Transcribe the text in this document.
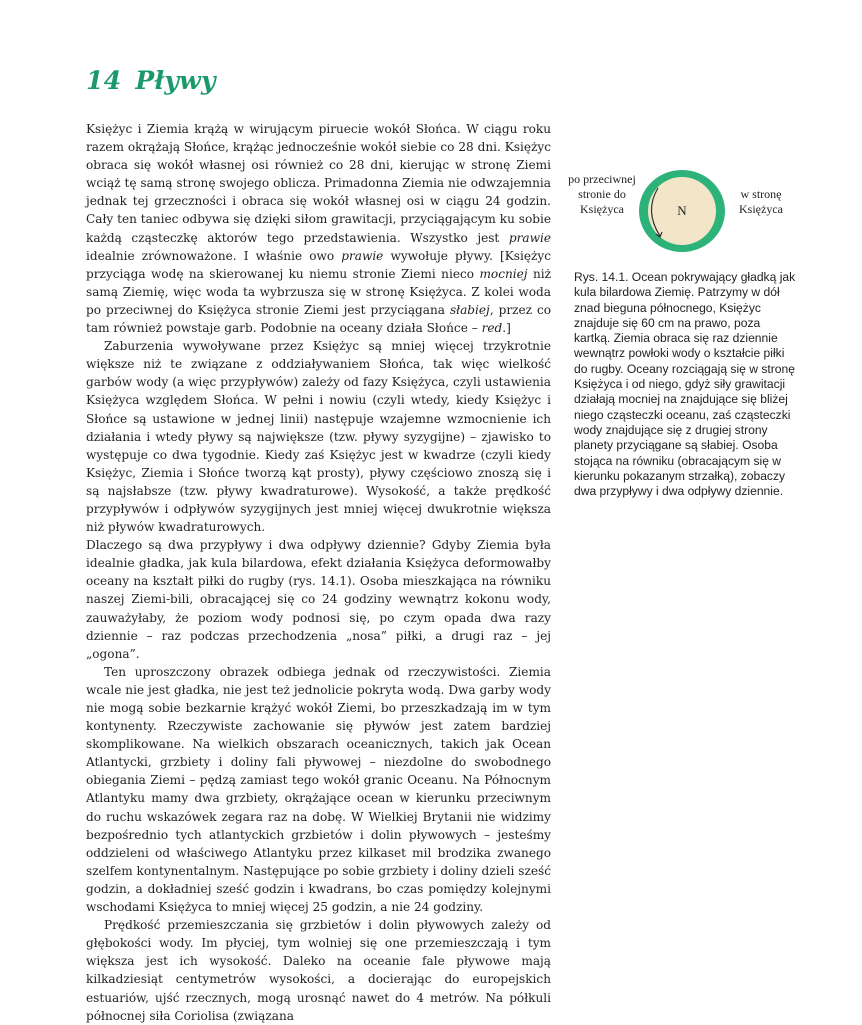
14 Pływy

Księżyc i Ziemia krążą w wirującym piruecie wokół Słońca. W ciągu roku razem okrążają Słońce, krążąc jednocześnie wokół siebie co 28 dni. Księżyc obraca się wokół własnej osi również co 28 dni, kierując w stronę Ziemi wciąż tę samą stronę swojego oblicza. Primadonna Ziemia nie odwzajemnia jednak tej grzeczności i obraca się wokół własnej osi w ciągu 24 godzin. Cały ten taniec odbywa się dzięki siłom grawitacji, przyciągającym ku sobie każdą cząsteczkę aktorów tego przedstawienia. Wszystko jest prawie idealnie zrównoważone. I właśnie owo prawie wywołuje pływy. [Księżyc przyciąga wodę na skierowanej ku niemu stronie Ziemi nieco mocniej niż samą Ziemię, więc woda ta wybrzusza się w stronę Księżyca. Z kolei woda po przeciwnej do Księżyca stronie Ziemi jest przyciągana słabiej, przez co tam również powstaje garb. Podobnie na oceany działa Słońce – red.]

Zaburzenia wywoływane przez Księżyc są mniej więcej trzykrotnie większe niż te związane z oddziaływaniem Słońca, tak więc wielkość garbów wody (a więc przypływów) zależy od fazy Księżyca, czyli ustawienia Księżyca względem Słońca. W pełni i nowiu (czyli wtedy, kiedy Księżyc i Słońce są ustawione w jednej linii) następuje wzajemne wzmocnienie ich działania i wtedy pływy są największe (tzw. pływy syzygijne) – zjawisko to występuje co dwa tygodnie. Kiedy zaś Księżyc jest w kwadrze (czyli kiedy Księżyc, Ziemia i Słońce tworzą kąt prosty), pływy częściowo znoszą się i są najsłabsze (tzw. pływy kwadraturowe). Wysokość, a także prędkość przypływów i odpływów syzygijnych jest mniej więcej dwukrotnie większa niż pływów kwadraturowych.

Dlaczego są dwa przypływy i dwa odpływy dziennie? Gdyby Ziemia była idealnie gładka, jak kula bilardowa, efekt działania Księżyca deformowałby oceany na kształt piłki do rugby (rys. 14.1). Osoba mieszkająca na równiku naszej Ziemi-bili, obracającej się co 24 godziny wewnątrz kokonu wody, zauważyłaby, że poziom wody podnosi się, po czym opada dwa razy dziennie – raz podczas przechodzenia „nosa” piłki, a drugi raz – jej „ogona”.

Ten uproszczony obrazek odbiega jednak od rzeczywistości. Ziemia wcale nie jest gładka, nie jest też jednolicie pokryta wodą. Dwa garby wody nie mogą sobie bezkarnie krążyć wokół Ziemi, bo przeszkadzają im w tym kontynenty. Rzeczywiste zachowanie się pływów jest zatem bardziej skomplikowane. Na wielkich obszarach oceanicznych, takich jak Ocean Atlantycki, grzbiety i doliny fali pływowej – niezdolne do swobodnego obiegania Ziemi – pędzą zamiast tego wokół granic Oceanu. Na Północnym Atlantyku mamy dwa grzbiety, okrążające ocean w kierunku przeciwnym do ruchu wskazówek zegara raz na dobę. W Wielkiej Brytanii nie widzimy bezpośrednio tych atlantyckich grzbietów i dolin pływowych – jesteśmy oddzieleni od właściwego Atlantyku przez kilkaset mil brodzika zwanego szelfem kontynentalnym. Następujące po sobie grzbiety i doliny dzieli sześć godzin, a dokładniej sześć godzin i kwadrans, bo czas pomiędzy kolejnymi wschodami Księżyca to mniej więcej 25 godzin, a nie 24 godziny.

Prędkość przemieszczania się grzbietów i dolin pływowych zależy od głębokości wody. Im płyciej, tym wolniej się one przemieszczają i tym większa jest ich wysokość. Daleko na oceanie fale pływowe mają kilkadziesiąt centymetrów wysokości, a docierając do europejskich estuariów, ujść rzecznych, mogą urosnąć nawet do 4 metrów. Na półkuli północnej siła Coriolisa (związana

po przeciwnej stronie do Księżyca	N
w stronę Księżyca
Rys. 14.1. Ocean pokrywający gładką jak kula bilardowa Ziemię. Patrzymy w dół znad bieguna północnego, Księżyc znajduje się 60 cm na prawo, poza kartką. Ziemia obraca się raz dziennie wewnątrz powłoki wody o kształcie piłki do rugby. Oceany rozciągają się w stronę Księżyca i od niego, gdyż siły grawitacji działają mocniej na znajdujące się bliżej niego cząsteczki oceanu, zaś cząsteczki wody znajdujące się z drugiej strony planety przyciągane są słabiej. Osoba stojąca na równiku (obracającym się w kierunku pokazanym strzałką), zobaczy dwa przypływy i dwa odpływy dziennie.
